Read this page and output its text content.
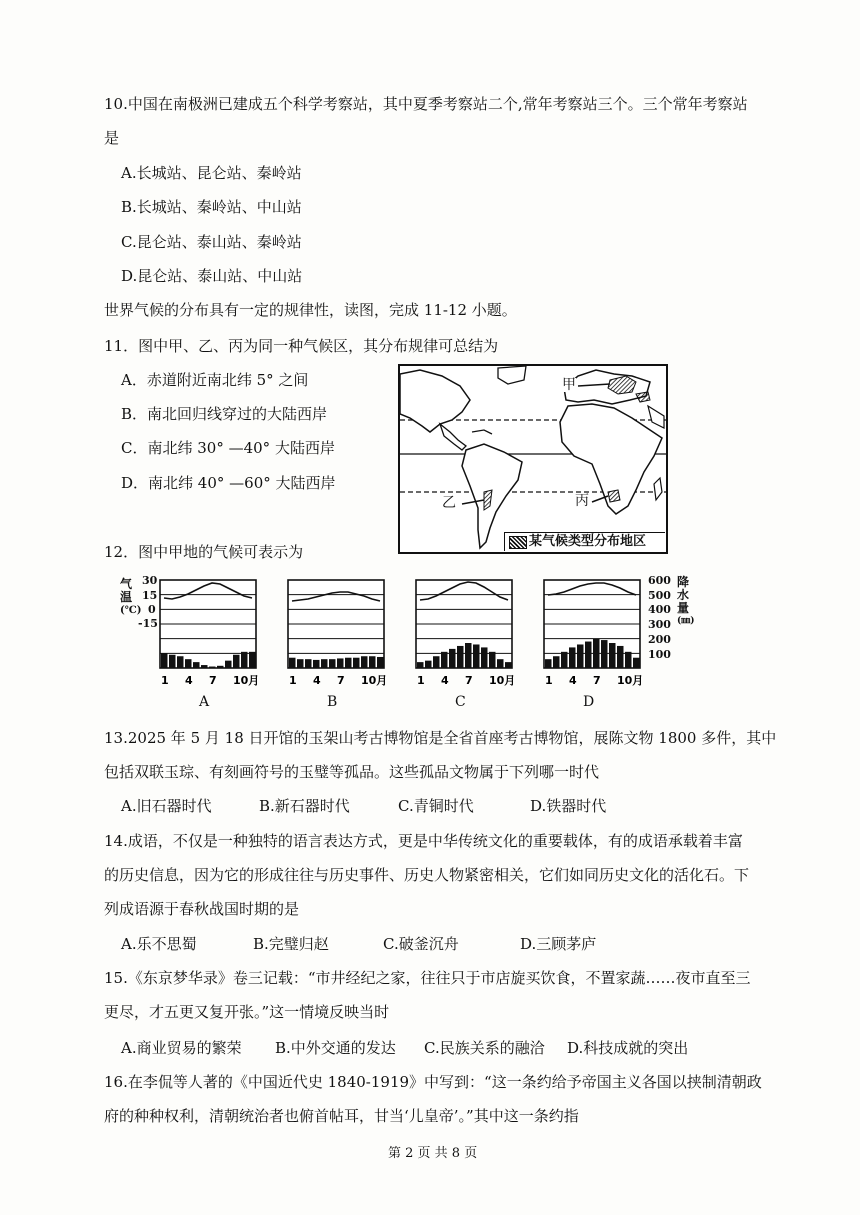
10.中国在南极洲已建成五个科学考察站，其中夏季考察站二个,常年考察站三个。三个常年考察站
是
A.长城站、昆仑站、秦岭站
B.长城站、秦岭站、中山站
C.昆仑站、泰山站、秦岭站
D.昆仑站、泰山站、中山站
世界气候的分布具有一定的规律性，读图，完成 11-12 小题。
11．图中甲、乙、丙为同一种气候区，其分布规律可总结为
A．赤道附近南北纬 5° 之间
B．南北回归线穿过的大陆西岸
C．南北纬 30° —40° 大陆西岸
D．南北纬 40° —60° 大陆西岸
甲
乙	丙
某气候类型分布地区
12．图中甲地的气候可表示为
气
温
(℃)
30
15
0
-15
600
500
400
300
200
100
降
水
量
(㎜)
1 4 7 10月	1 4 7 10月	1 4 7 10月	1 4 7 10月
A	B	C	D
13.2025 年 5 月 18 日开馆的玉架山考古博物馆是全省首座考古博物馆，展陈文物 1800 多件，其中
包括双联玉琮、有刻画符号的玉璧等孤品。这些孤品文物属于下列哪一时代
A.旧石器时代	B.新石器时代	C.青铜时代	D.铁器时代
14.成语，不仅是一种独特的语言表达方式，更是中华传统文化的重要载体，有的成语承载着丰富
的历史信息，因为它的形成往往与历史事件、历史人物紧密相关，它们如同历史文化的活化石。下
列成语源于春秋战国时期的是
A.乐不思蜀	B.完璧归赵	C.破釜沉舟	D.三顾茅庐
15.《东京梦华录》卷三记载：“市井经纪之家，往往只于市店旋买饮食，不置家蔬……夜市直至三
更尽，才五更又复开张。”这一情境反映当时
A.商业贸易的繁荣 B.中外交通的发达 C.民族关系的融洽 D.科技成就的突出
16.在李侃等人著的《中国近代史 1840-1919》中写到：“这一条约给予帝国主义各国以挟制清朝政
府的种种权利，清朝统治者也俯首帖耳，甘当‘儿皇帝’。”其中这一条约指
第 2 页 共 8 页
